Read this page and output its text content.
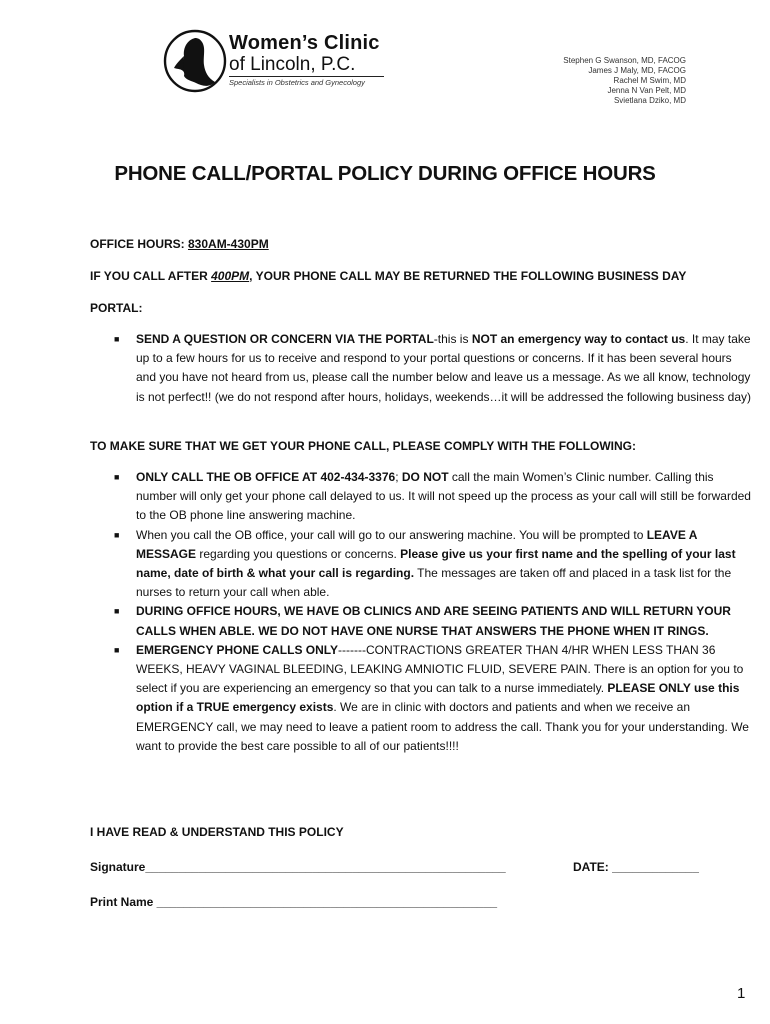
Women’s Clinic
of Lincoln, P.C.
Specialists in Obstetrics and Gynecology
Stephen G Swanson, MD, FACOG
James J Maly, MD, FACOG
Rachel M Swim, MD
Jenna N Van Pelt, MD
Svietlana Dziko, MD
PHONE CALL/PORTAL POLICY DURING OFFICE HOURS
OFFICE HOURS: 830AM-430PM
IF YOU CALL AFTER 400PM, YOUR PHONE CALL MAY BE RETURNED THE FOLLOWING BUSINESS DAY
PORTAL:
■ SEND A QUESTION OR CONCERN VIA THE PORTAL-this is NOT an emergency way to contact us. It may take up to a few hours for us to receive and respond to your portal questions or concerns. If it has been several hours and you have not heard from us, please call the number below and leave us a message. As we all know, technology is not perfect!! (we do not respond after hours, holidays, weekends…it will be addressed the following business day)

TO MAKE SURE THAT WE GET YOUR PHONE CALL, PLEASE COMPLY WITH THE FOLLOWING:
■ ONLY CALL THE OB OFFICE AT 402-434-3376; DO NOT call the main Women’s Clinic number. Calling this number will only get your phone call delayed to us. It will not speed up the process as your call will still be forwarded to the OB phone line answering machine.

■ When you call the OB office, your call will go to our answering machine. You will be prompted to LEAVE A MESSAGE regarding you questions or concerns. Please give us your first name and the spelling of your last name, date of birth & what your call is regarding. The messages are taken off and placed in a task list for the nurses to return your call when able.

■ DURING OFFICE HOURS, WE HAVE OB CLINICS AND ARE SEEING PATIENTS AND WILL RETURN YOUR CALLS WHEN ABLE. WE DO NOT HAVE ONE NURSE THAT ANSWERS THE PHONE WHEN IT RINGS.

■ EMERGENCY PHONE CALLS ONLY-------CONTRACTIONS GREATER THAN 4/HR WHEN LESS THAN 36 WEEKS, HEAVY VAGINAL BLEEDING, LEAKING AMNIOTIC FLUID, SEVERE PAIN. There is an option for you to select if you are experiencing an emergency so that you can talk to a nurse immediately. PLEASE ONLY use this option if a TRUE emergency exists. We are in clinic with doctors and patients and when we receive an EMERGENCY call, we may need to leave a patient room to address the call. Thank you for your understanding. We want to provide the best care possible to all of our patients!!!!

I HAVE READ & UNDERSTAND THIS POLICY
Signature______________________________________________________	DATE: _____________
Print Name ___________________________________________________
1
